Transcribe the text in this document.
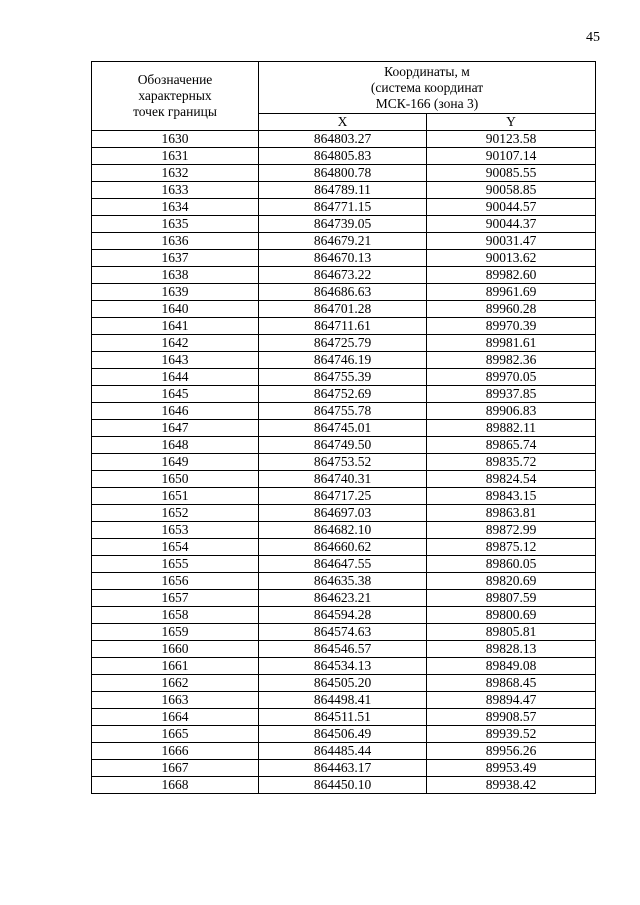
45
Обозначение
характерных
точек границы	Координаты, м
(система координат
МСК-166 (зона 3)	

	X	Y
1630	864803.27	90123.58
1631	864805.83	90107.14
1632	864800.78	90085.55
1633	864789.11	90058.85
1634	864771.15	90044.57
1635	864739.05	90044.37
1636	864679.21	90031.47
1637	864670.13	90013.62
1638	864673.22	89982.60
1639	864686.63	89961.69
1640	864701.28	89960.28
1641	864711.61	89970.39
1642	864725.79	89981.61
1643	864746.19	89982.36
1644	864755.39	89970.05
1645	864752.69	89937.85
1646	864755.78	89906.83
1647	864745.01	89882.11
1648	864749.50	89865.74
1649	864753.52	89835.72
1650	864740.31	89824.54
1651	864717.25	89843.15
1652	864697.03	89863.81
1653	864682.10	89872.99
1654	864660.62	89875.12
1655	864647.55	89860.05
1656	864635.38	89820.69
1657	864623.21	89807.59
1658	864594.28	89800.69
1659	864574.63	89805.81
1660	864546.57	89828.13
1661	864534.13	89849.08
1662	864505.20	89868.45
1663	864498.41	89894.47
1664	864511.51	89908.57
1665	864506.49	89939.52
1666	864485.44	89956.26
1667	864463.17	89953.49
1668	864450.10	89938.42
